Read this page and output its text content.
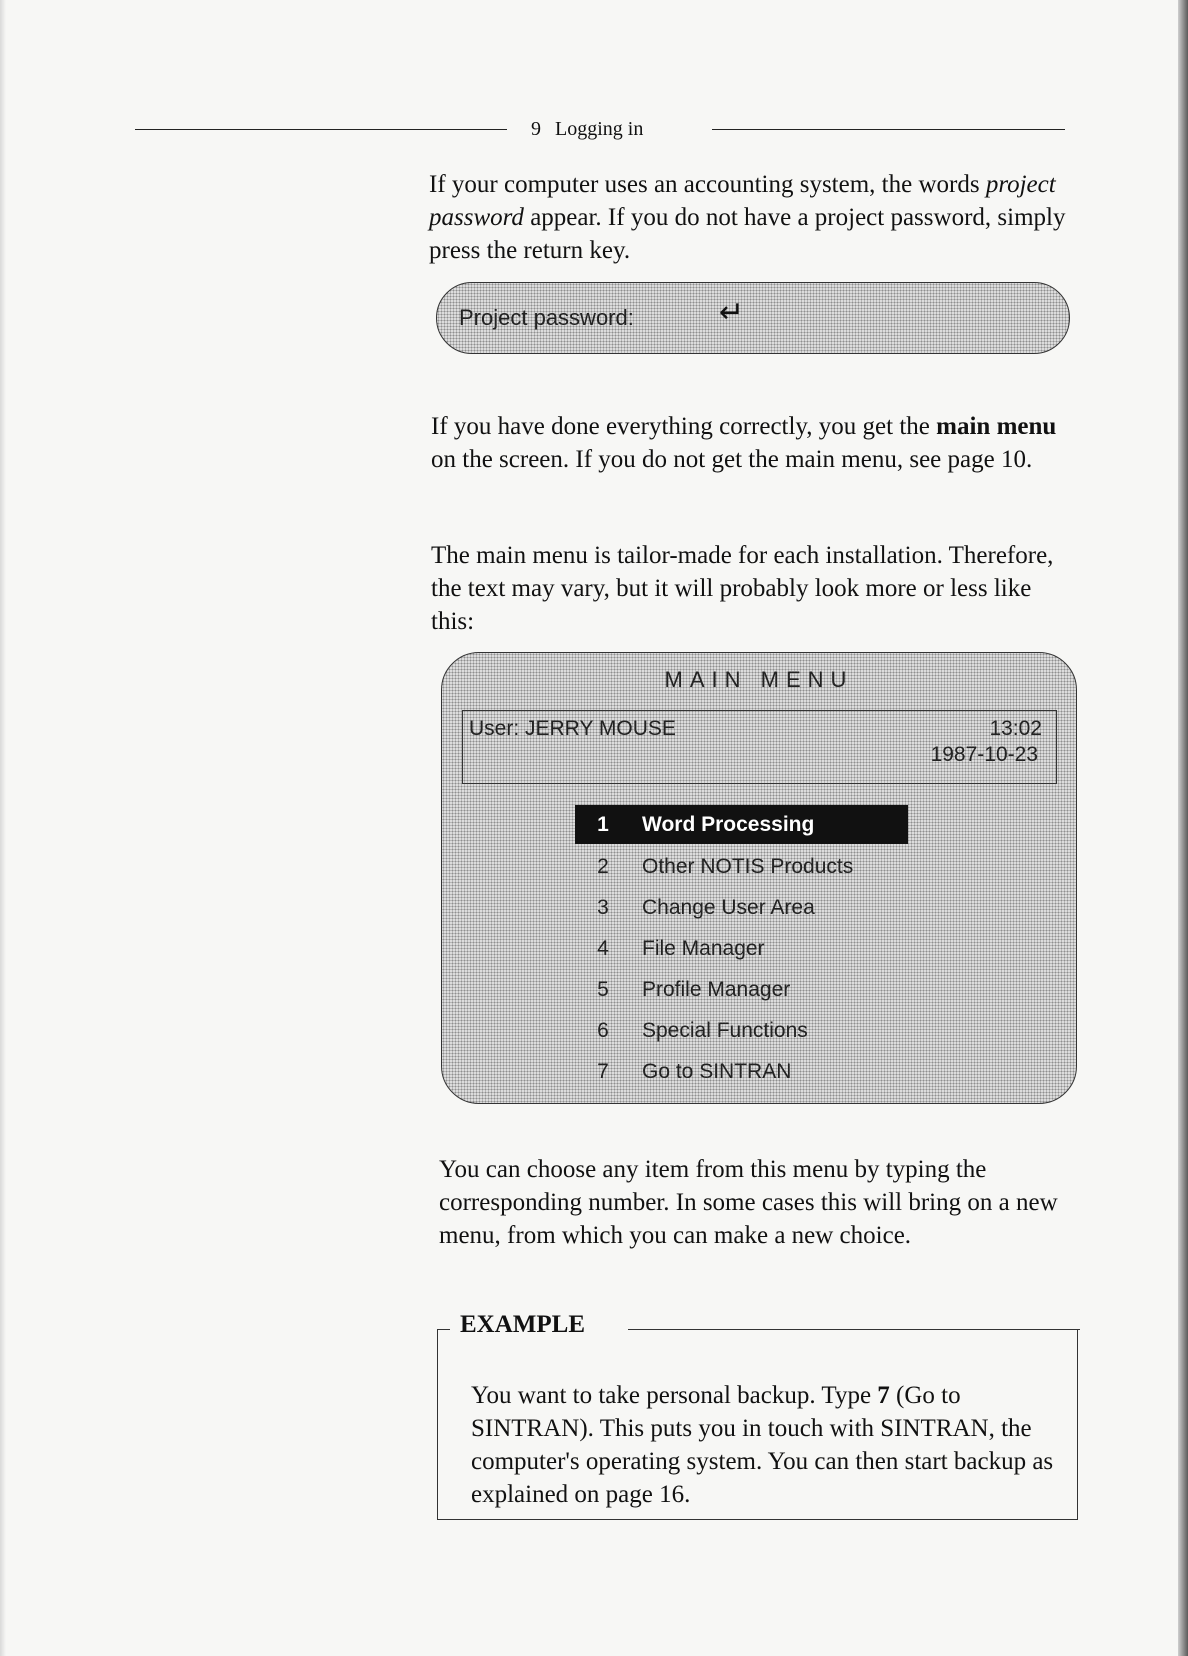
9 Logging in

If your computer uses an accounting system, the words project password appear. If you do not have a project password, simply press the return key.

Project password:	↵

If you have done everything correctly, you get the main menu on the screen. If you do not get the main menu, see page 10.

The main menu is tailor-made for each installation. Therefore, the text may vary, but it will probably look more or less like this:

MAIN MENU
User: JERRY MOUSE	13:02
1987-10-23
1 Word Processing
2 Other NOTIS Products
3 Change User Area
4 File Manager
5 Profile Manager
6 Special Functions
7 Go to SINTRAN

You can choose any item from this menu by typing the corresponding number. In some cases this will bring on a new menu, from which you can make a new choice.

EXAMPLE

You want to take personal backup. Type 7 (Go to SINTRAN). This puts you in touch with SINTRAN, the computer's operating system. You can then start backup as explained on page 16.
